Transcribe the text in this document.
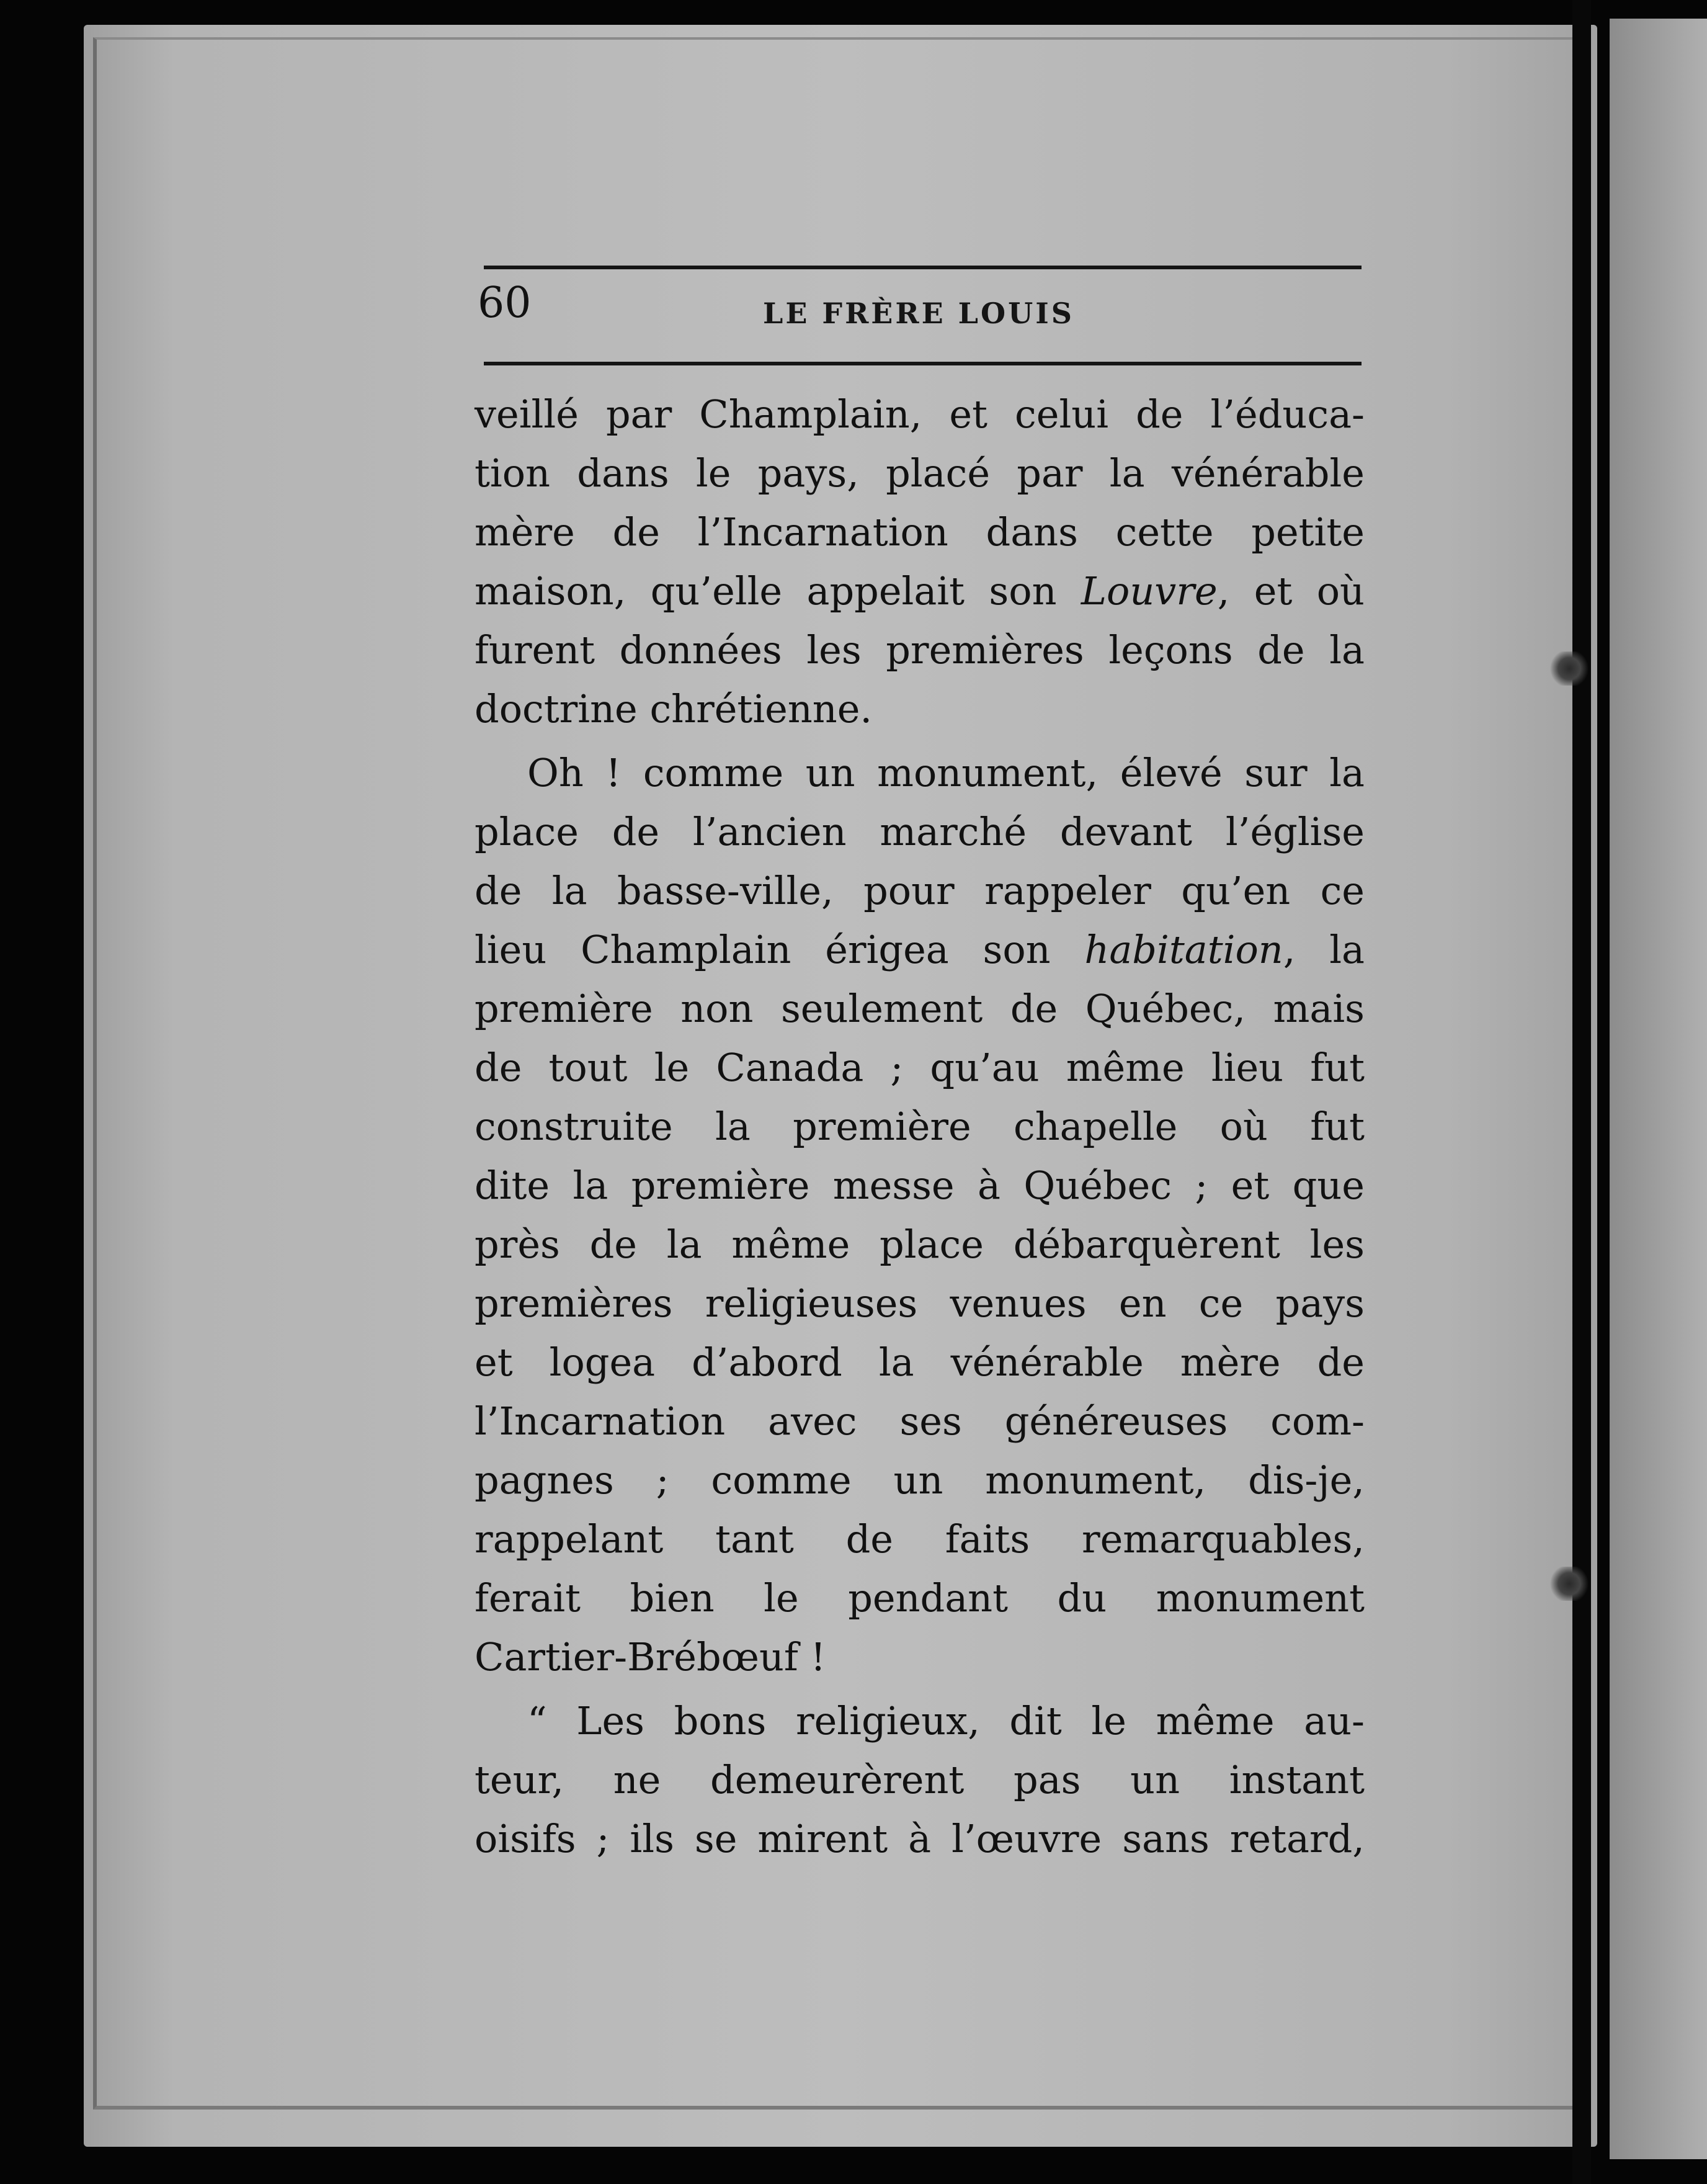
60	LE FRÈRE LOUIS
veillé par Champlain, et celui de l’éduca-
tion dans le pays, placé par la vénérable
mère de l’Incarnation dans cette petite
maison, qu’elle appelait son Louvre, et où
furent données les premières leçons de la
doctrine chrétienne.
Oh ! comme un monument, élevé sur la
place de l’ancien marché devant l’église
de la basse-ville, pour rappeler qu’en ce
lieu Champlain érigea son habitation, la
première non seulement de Québec, mais
de tout le Canada ; qu’au même lieu fut
construite la première chapelle où fut
dite la première messe à Québec ; et que
près de la même place débarquèrent les
premières religieuses venues en ce pays
et logea d’abord la vénérable mère de
l’Incarnation avec ses généreuses com-
pagnes ; comme un monument, dis-je,
rappelant tant de faits remarquables,
ferait bien le pendant du monument
Cartier-Brébœuf !
“ Les bons religieux, dit le même au-
teur, ne demeurèrent pas un instant
oisifs ; ils se mirent à l’œuvre sans retard,
